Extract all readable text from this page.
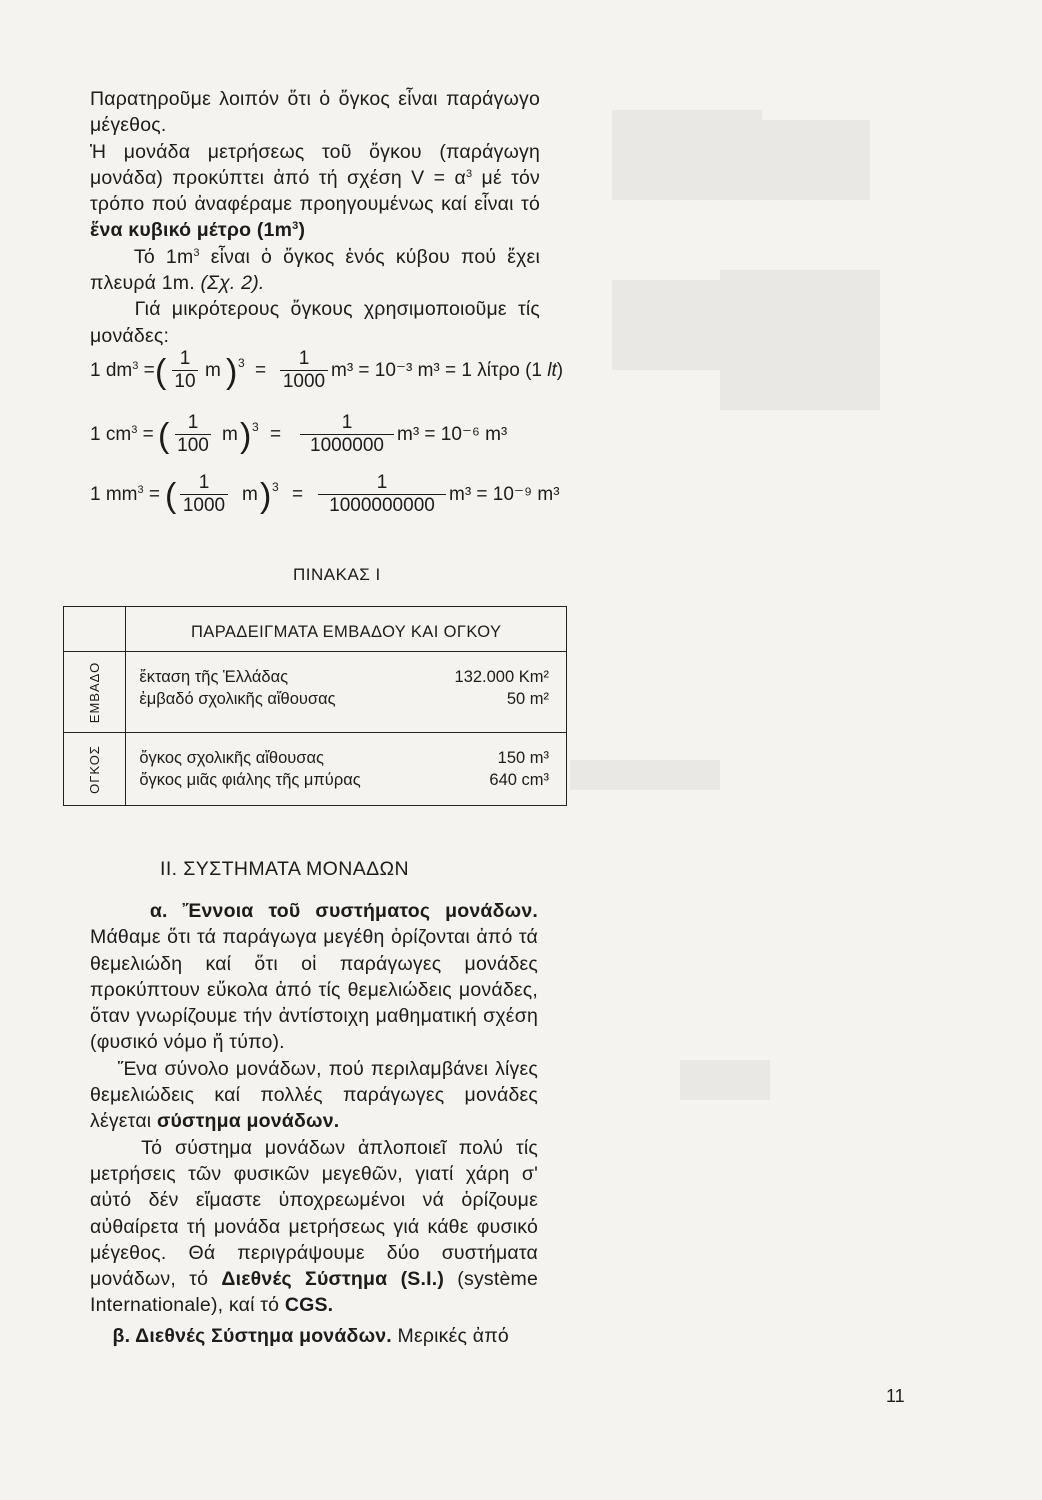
Παρατηροῦμε λοιπόν ὅτι ὁ ὄγκος εἶναι παράγωγο μέγεθος.

Ἡ μονάδα μετρήσεως τοῦ ὄγκου (παράγωγη μονάδα) προκύπτει ἀπό τή σχέση $V = \alpha^3$ μέ τόν τρόπο πού ἀναφέραμε προηγουμένως καί εἶναι τό ἕνα κυβικό μέτρο $(1m^3)$

Τό $1m^3$ εἶναι ὁ ὄγκος ἑνός κύβου πού ἔχει πλευρά 1m. (Σχ. 2).

Γιά μικρότερους ὄγκους χρησιμοποιοῦμε τίς μονάδες:

1 $dm^3$ = ( $\frac{1}{10}$ m ) $3 = \frac{1}{1000} m^3 = 10^{-3}$ m³ = 1 λίτρο (1 lt)
1 $cm^3$ = ( $\frac{1}{100}$ m ) $3 = \frac{1}{1000000} m^3 = 10^{-6}$ m³
1 $mm^3$ = ( $\frac{1}{1000}$ m ) $3 = \frac{1}{1000000000} m^3 = 10^{-9}$ m³
ΠΙΝΑΚΑΣ Ι
	ΠΑΡΑΔΕΙΓΜΑΤΑ ΕΜΒΑΔΟΥ ΚΑΙ ΟΓΚΟΥ
ΕΜΒΑΔΟ	ἔκταση τῆς Ἑλλάδας 132.000 Km²
ἐμβαδό σχολικῆς αἴθουσας 50 m²

ΟΓΚΟΣ	ὄγκος σχολικῆς αἴθουσας 150 m³
ὄγκος μιᾶς φιάλης τῆς μπύρας 640 cm³
ΙΙ. ΣΥΣΤΗΜΑΤΑ ΜΟΝΑΔΩΝ

α. Ἔννοια τοῦ συστήματος μονάδων. Μάθαμε ὅτι τά παράγωγα μεγέθη ὁρίζονται ἀπό τά θεμελιώδη καί ὅτι οἱ παράγωγες μονάδες προκύπτουν εὔκολα ἀπό τίς θεμελιώδεις μονάδες, ὅταν γνωρίζουμε τήν ἀντίστοιχη μαθηματική σχέση (φυσικό νόμο ἤ τύπο).

Ἕνα σύνολο μονάδων, πού περιλαμβάνει λίγες θεμελιώδεις καί πολλές παράγωγες μονάδες λέγεται σύστημα μονάδων.

Τό σύστημα μονάδων ἀπλοποιεῖ πολύ τίς μετρήσεις τῶν φυσικῶν μεγεθῶν, γιατί χάρη σ' αὐτό δέν εἴμαστε ὑποχρεωμένοι νά ὁρίζουμε αὐθαίρετα τή μονάδα μετρήσεως γιά κάθε φυσικό μέγεθος. Θά περιγράψουμε δύο συστήματα μονάδων, τό Διεθνές Σύστημα (S.I.) (système Internationale), καί τό CGS.

β. Διεθνές Σύστημα μονάδων. Μερικές ἀπό

11
